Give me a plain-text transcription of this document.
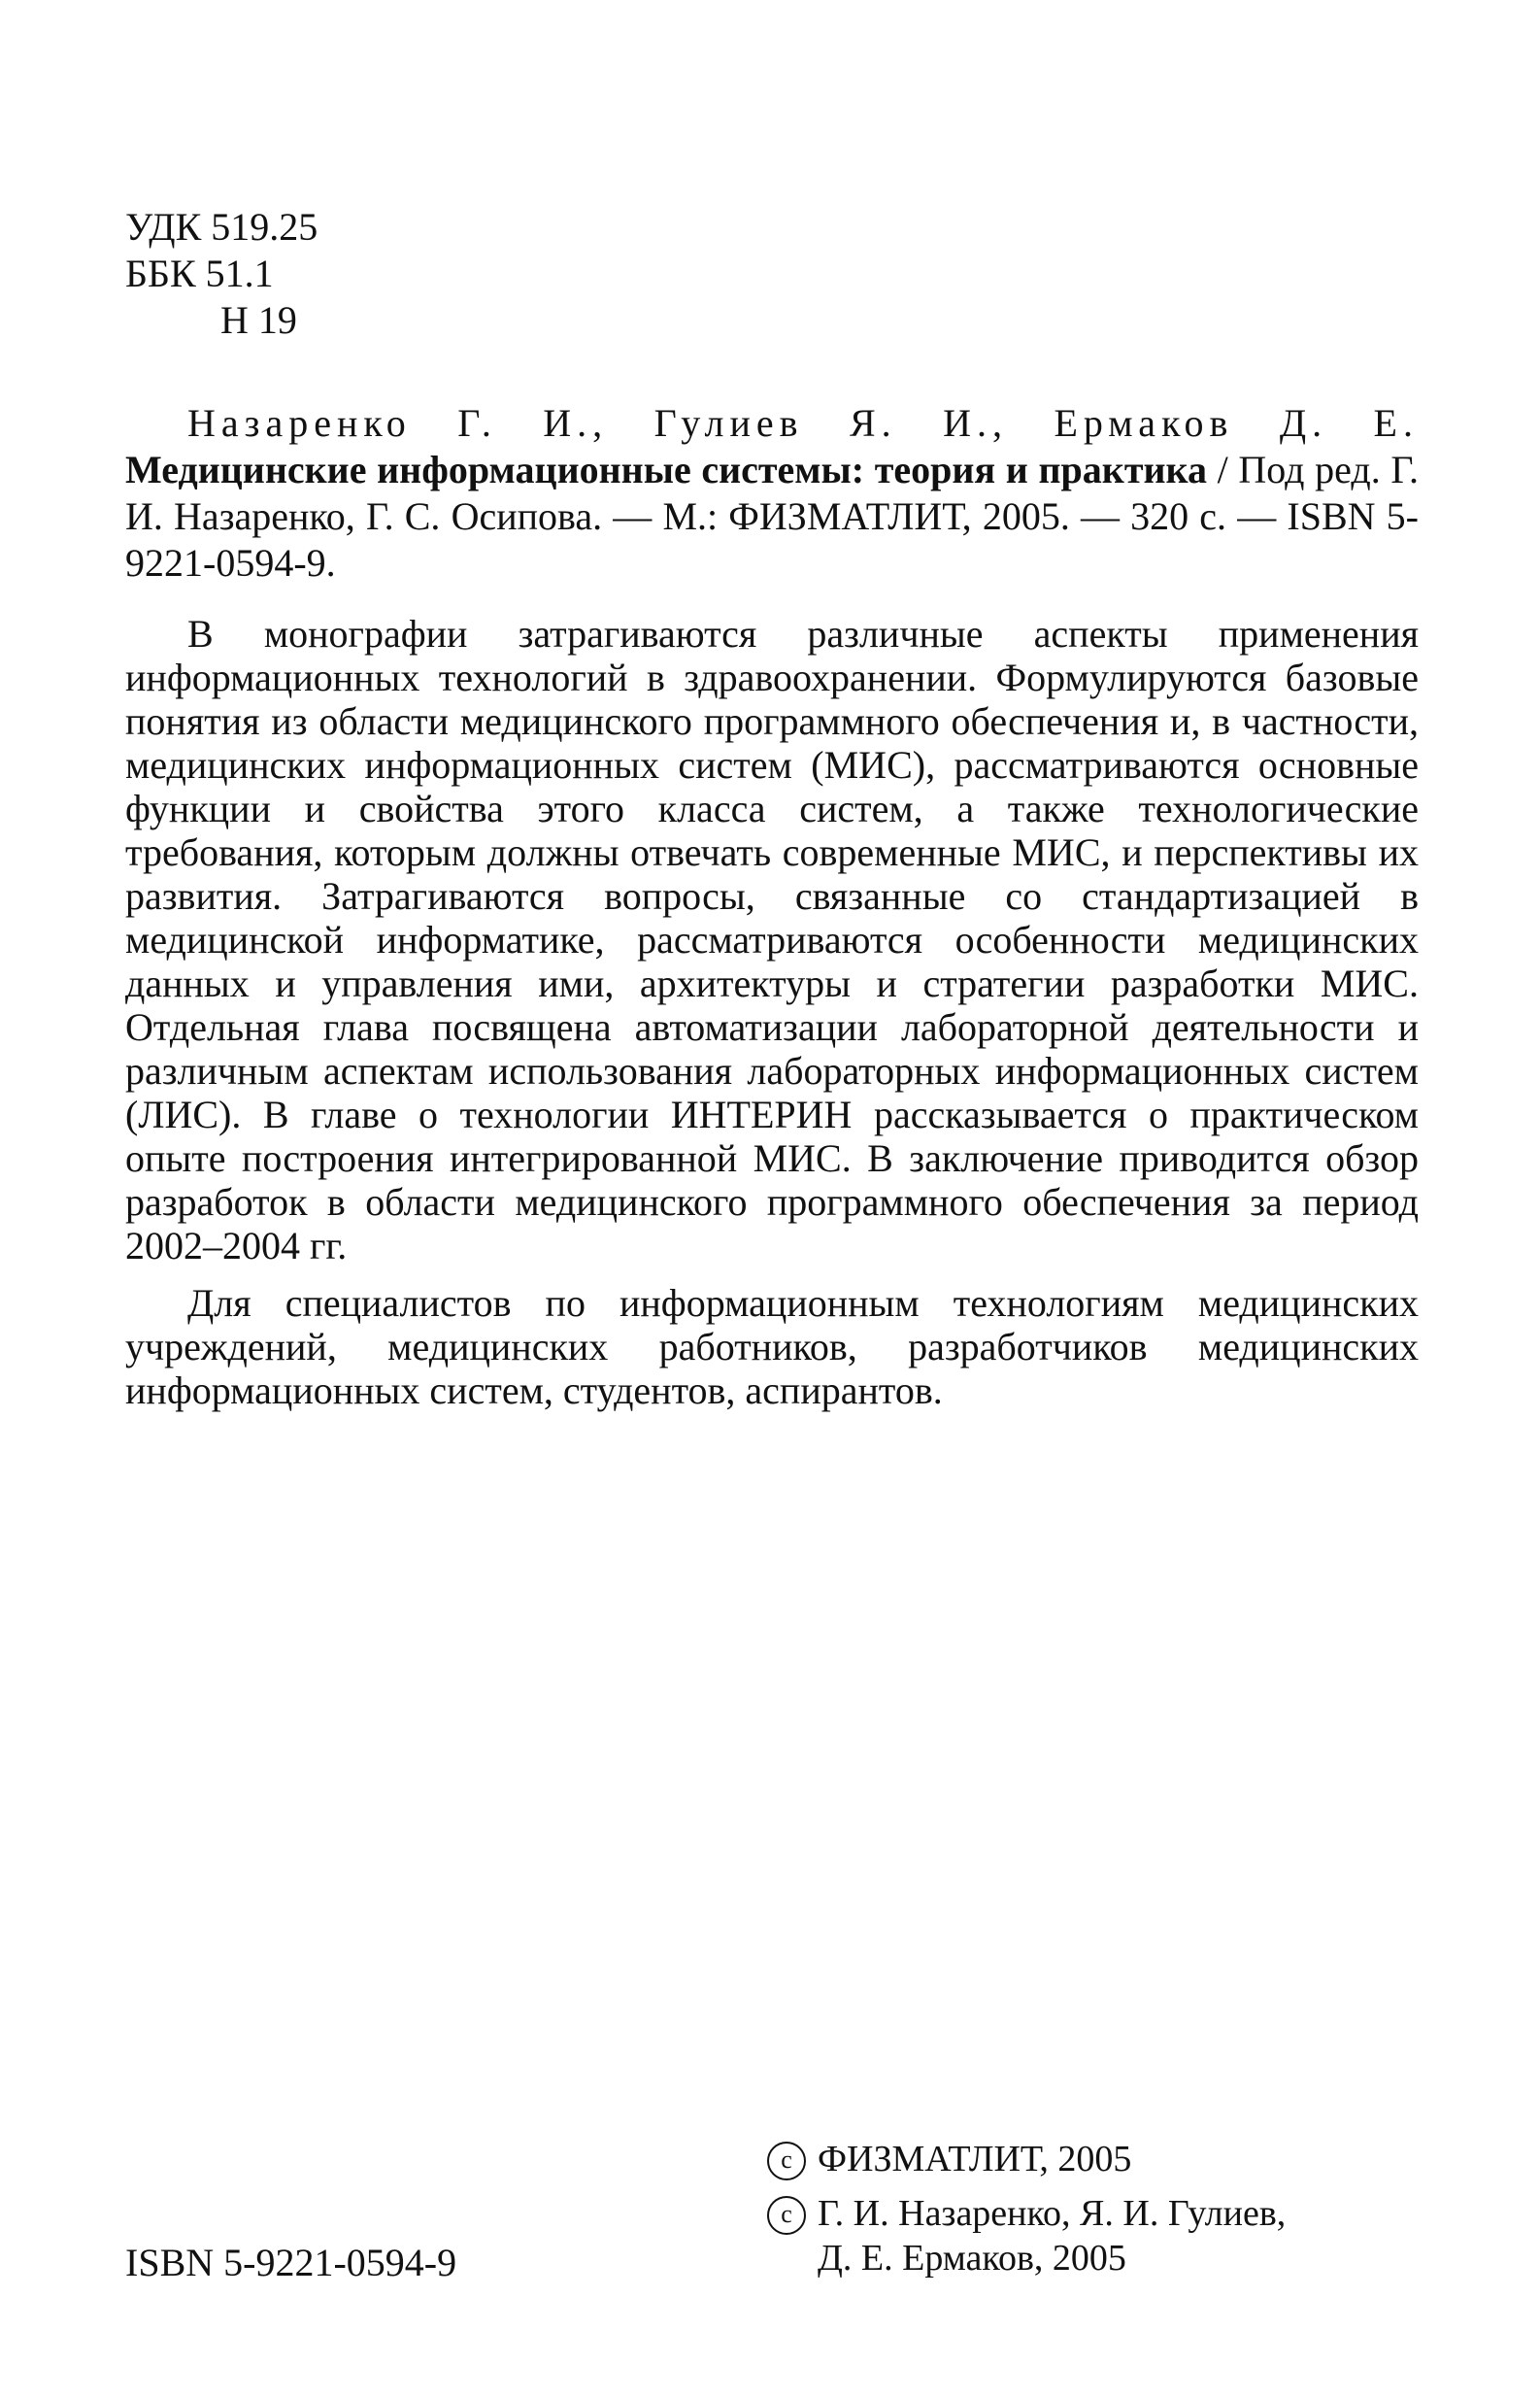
УДК 519.25
ББК 51.1
Н 19

Назаренко Г. И., Гулиев Я. И., Ермаков Д. Е. Медицинские информационные системы: теория и практика / Под ред. Г. И. Назаренко, Г. С. Осипова. — М.: ФИЗМАТЛИТ, 2005. — 320 с. — ISBN 5-9221-0594-9.

В монографии затрагиваются различные аспекты применения информационных технологий в здравоохранении. Формулируются базовые понятия из области медицинского программного обеспечения и, в частности, медицинских информационных систем (МИС), рассматриваются основные функции и свойства этого класса систем, а также технологические требования, которым должны отвечать современные МИС, и перспективы их развития. Затрагиваются вопросы, связанные со стандартизацией в медицинской информатике, рассматриваются особенности медицинских данных и управления ими, архитектуры и стратегии разработки МИС. Отдельная глава посвящена автоматизации лабораторной деятельности и различным аспектам использования лабораторных информационных систем (ЛИС). В главе о технологии ИНТЕРИН рассказывается о практическом опыте построения интегрированной МИС. В заключение приводится обзор разработок в области медицинского программного обеспечения за период 2002–2004 гг.

Для специалистов по информационным технологиям медицинских учреждений, медицинских работников, разработчиков медицинских информационных систем, студентов, аспирантов.

ISBN 5-9221-0594-9
c ФИЗМАТЛИТ, 2005
c Г. И. Назаренко, Я. И. Гулиев,
Д. Е. Ермаков, 2005
